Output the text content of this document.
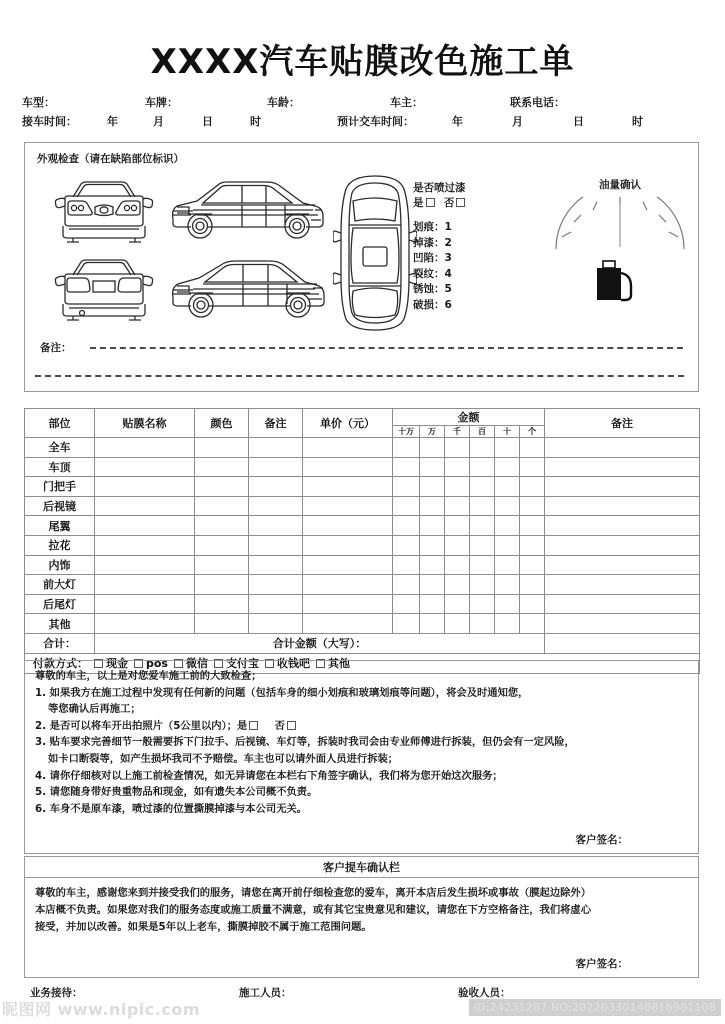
XXXX汽车贴膜改色施工单
车型：	车牌：	车龄：	车主：	联系电话：
接车时间：	年	月	日	时	预计交车时间：	年	月	日	时
外观检查（请在缺陷部位标识）
是否喷过漆
是 否
划痕：1
掉漆：2
凹陷：3
裂纹：4
锈蚀：5
破损：6
油量确认
备注：	
部位	贴膜名称	颜色	备注	单价（元）	金额						备注
					十万	万	千	百	十	个	
全车											
车顶											
门把手											
后视镜											
尾翼											
拉花											
内饰											
前大灯											
后尾灯											
其他											
合计：	合计金额（大写）：										
付款方式： 现金 pos 微信 支付宝 收钱吧 其他											

尊敬的车主，以上是对您爱车施工前的大致检查；

1. 如果我方在施工过程中发现有任何新的问题（包括车身的细小划痕和玻璃划痕等问题），将会及时通知您，

等您确认后再施工；

2. 是否可以将车开出拍照片（5公里以内）；是	否

3. 贴车要求完善细节一般需要拆下门拉手、后视镜、车灯等，拆装时我司会由专业师傅进行拆装，但仍会有一定风险，

如卡口断裂等，如产生损坏我司不予赔偿。车主也可以请外面人员进行拆装；

4. 请你仔细核对以上施工前检查情况，如无异请您在本栏右下角签字确认，我们将为您开始这次服务；

5. 请您随身带好贵重物品和现金，如有遗失本公司概不负责。

6. 车身不是原车漆，喷过漆的位置撕膜掉漆与本公司无关。

客户签名：
客户提车确认栏

尊敬的车主，感谢您来到并接受我们的服务，请您在离开前仔细检查您的爱车，离开本店后发生损坏或事故（膜起边除外）

本店概不负责。如果您对我们的服务态度或施工质量不满意，或有其它宝贵意见和建议，请您在下方空格备注，我们将虚心

接受，并加以改善。如果是5年以上老车，撕膜掉胶不属于施工范围问题。

客户签名：
业务接待：	施工人员：	验收人员：
昵图网 www.nipic.com	ID:24231287 NO:20220330140816981108
